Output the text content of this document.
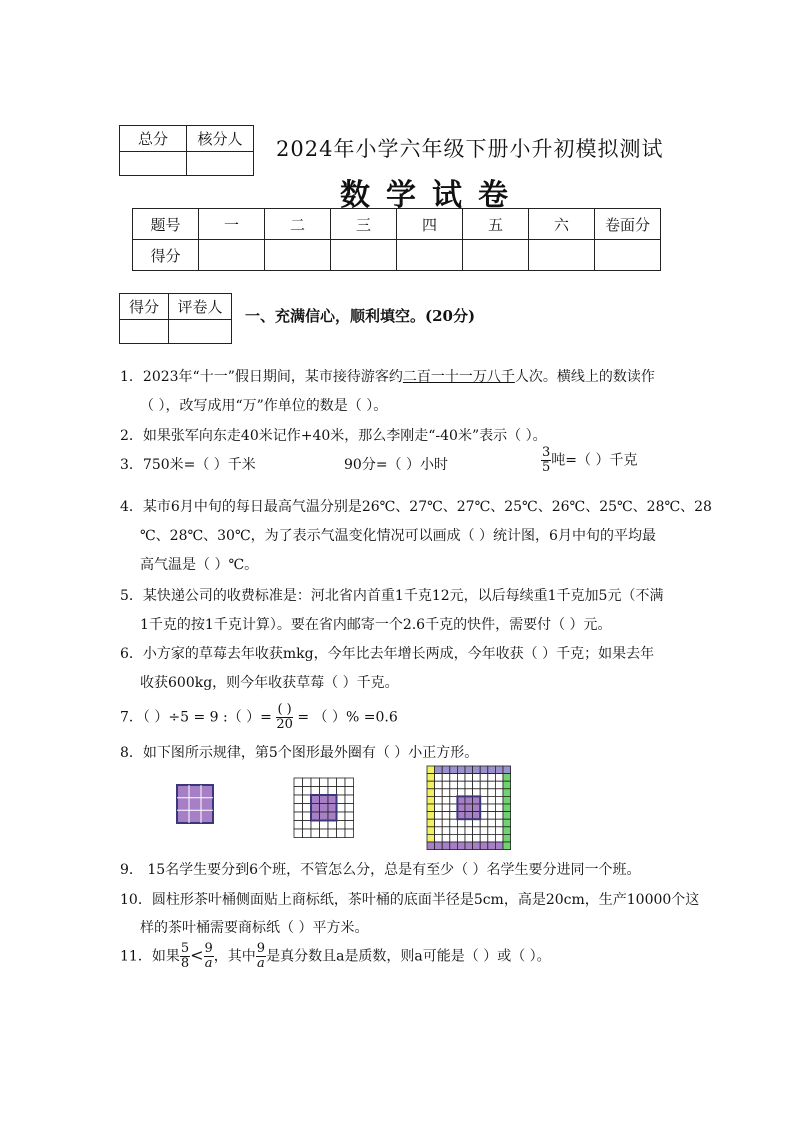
总分	核分人
	2024年小学六年级下册小升初模拟测试
数学试卷
题号	一	二	三	四	五	六	卷面分
得分							
得分	评卷人
	一、充满信心，顺利填空。(20分)
1．2023年“十一”假日期间，某市接待游客约二百一十一万八千人次。横线上的数读作
（ ），改写成用“万”作单位的数是（ ）。
2．如果张军向东走40米记作+40米，那么李刚走“-40米”表示（ ）。
3．750米=（ ）千米	90分=（ ）小时	$\frac{3}{5}$ 吨=（ ）千克
4．某市6月中旬的每日最高气温分别是26℃、27℃、27℃、25℃、26℃、25℃、28℃、28
℃、28℃、30℃，为了表示气温变化情况可以画成（ ）统计图，6月中旬的平均最
高气温是（ ）℃。
5．某快递公司的收费标准是：河北省内首重1千克12元，以后每续重1千克加5元（不满
1千克的按1千克计算）。要在省内邮寄一个2.6千克的快件，需要付（ ）元。
6．小方家的草莓去年收获mkg，今年比去年增长两成，今年收获（ ）千克；如果去年
收获600kg，则今年收获草莓（ ）千克。
7．（ ）÷5 = 9 :（ ）= $\frac{( )}{20}$ = （ ）% =0.6
8．如下图所示规律，第5个图形最外圈有（ ）小正方形。
9． 15名学生要分到6个班，不管怎么分，总是有至少（ ）名学生要分进同一个班。
10．圆柱形茶叶桶侧面贴上商标纸，茶叶桶的底面半径是5cm，高是20cm，生产10000个这
样的茶叶桶需要商标纸（ ）平方米。
11．如果 $\frac{5}{8} < \frac{9}{a}$ ，其中 $\frac{9}{a}$ 是真分数且a是质数，则a可能是（ ）或（ ）。
